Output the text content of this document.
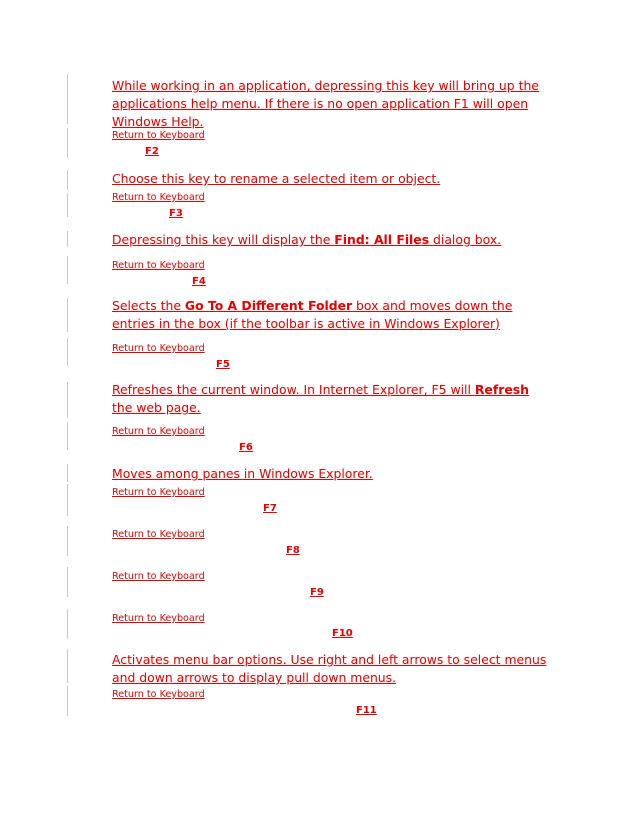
While working in an application, depressing this key will bring up the applications help menu. If there is no open application F1 will open Windows Help.
Return to Keyboard
F2
Choose this key to rename a selected item or object.
Return to Keyboard
F3
Depressing this key will display the Find: All Files dialog box.
Return to Keyboard
F4
Selects the Go To A Different Folder box and moves down the entries in the box (if the toolbar is active in Windows Explorer)
Return to Keyboard
F5
Refreshes the current window. In Internet Explorer, F5 will Refresh the web page.
Return to Keyboard
F6
Moves among panes in Windows Explorer.
Return to Keyboard
F7
Return to Keyboard
F8
Return to Keyboard
F9
Return to Keyboard
F10
Activates menu bar options. Use right and left arrows to select menus and down arrows to display pull down menus.
Return to Keyboard
F11
